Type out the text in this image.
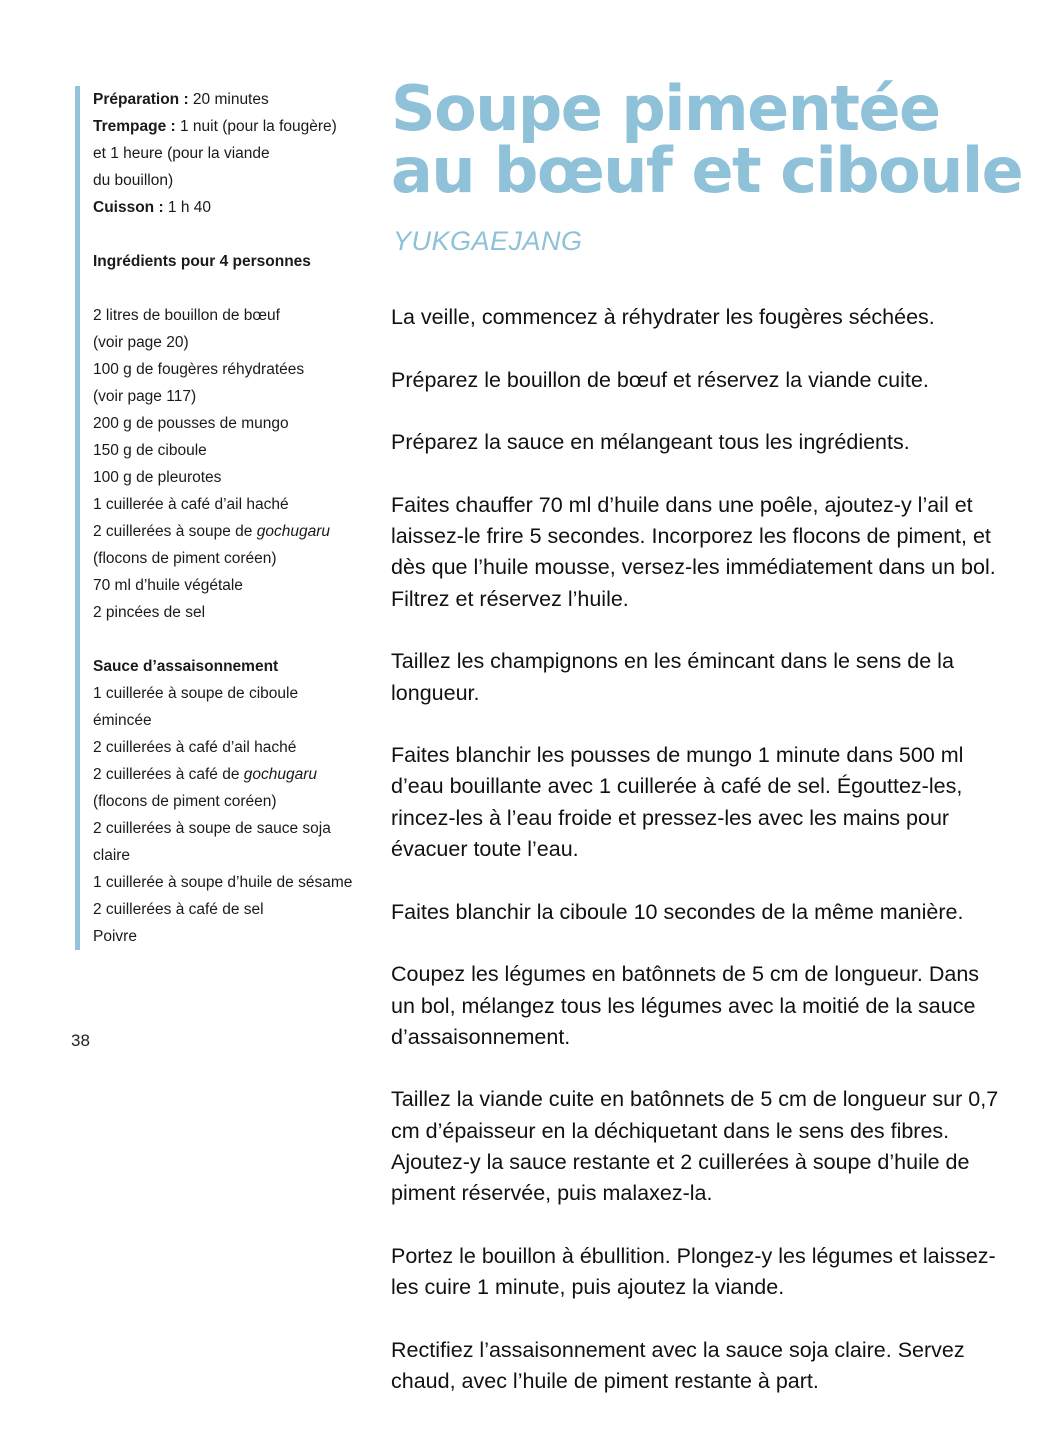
Préparation : 20 minutes
Trempage : 1 nuit (pour la fougère)
et 1 heure (pour la viande
du bouillon)
Cuisson : 1 h 40
Ingrédients pour 4 personnes
2 litres de bouillon de bœuf
(voir page 20)
100 g de fougères réhydratées
(voir page 117)
200 g de pousses de mungo
150 g de ciboule
100 g de pleurotes
1 cuillerée à café d’ail haché
2 cuillerées à soupe de gochugaru
(flocons de piment coréen)
70 ml d’huile végétale
2 pincées de sel
Sauce d’assaisonnement
1 cuillerée à soupe de ciboule
émincée
2 cuillerées à café d’ail haché
2 cuillerées à café de gochugaru
(flocons de piment coréen)
2 cuillerées à soupe de sauce soja
claire
1 cuillerée à soupe d’huile de sésame
2 cuillerées à café de sel
Poivre
Soupe pimentée
au bœuf et ciboule
YUKGAEJANG

La veille, commencez à réhydrater les fougères séchées.

Préparez le bouillon de bœuf et réservez la viande cuite.

Préparez la sauce en mélangeant tous les ingrédients.

Faites chauffer 70 ml d’huile dans une poêle, ajoutez-y l’ail et laissez-le frire 5 secondes. Incorporez les flocons de piment, et dès que l’huile mousse, versez-les immédiatement dans un bol. Filtrez et réservez l’huile.

Taillez les champignons en les émincant dans le sens de la longueur.

Faites blanchir les pousses de mungo 1 minute dans 500 ml d’eau bouillante avec 1 cuillerée à café de sel. Égouttez-les, rincez-les à l’eau froide et pressez-les avec les mains pour évacuer toute l’eau.

Faites blanchir la ciboule 10 secondes de la même manière.

Coupez les légumes en batônnets de 5 cm de longueur. Dans un bol, mélangez tous les légumes avec la moitié de la sauce d’assaisonnement.

Taillez la viande cuite en batônnets de 5 cm de longueur sur 0,7 cm d’épaisseur en la déchiquetant dans le sens des fibres. Ajoutez-y la sauce restante et 2 cuillerées à soupe d’huile de piment réservée, puis malaxez-la.

Portez le bouillon à ébullition. Plongez-y les légumes et laissez-les cuire 1 minute, puis ajoutez la viande.

Rectifiez l’assaisonnement avec la sauce soja claire. Servez chaud, avec l’huile de piment restante à part.

38
